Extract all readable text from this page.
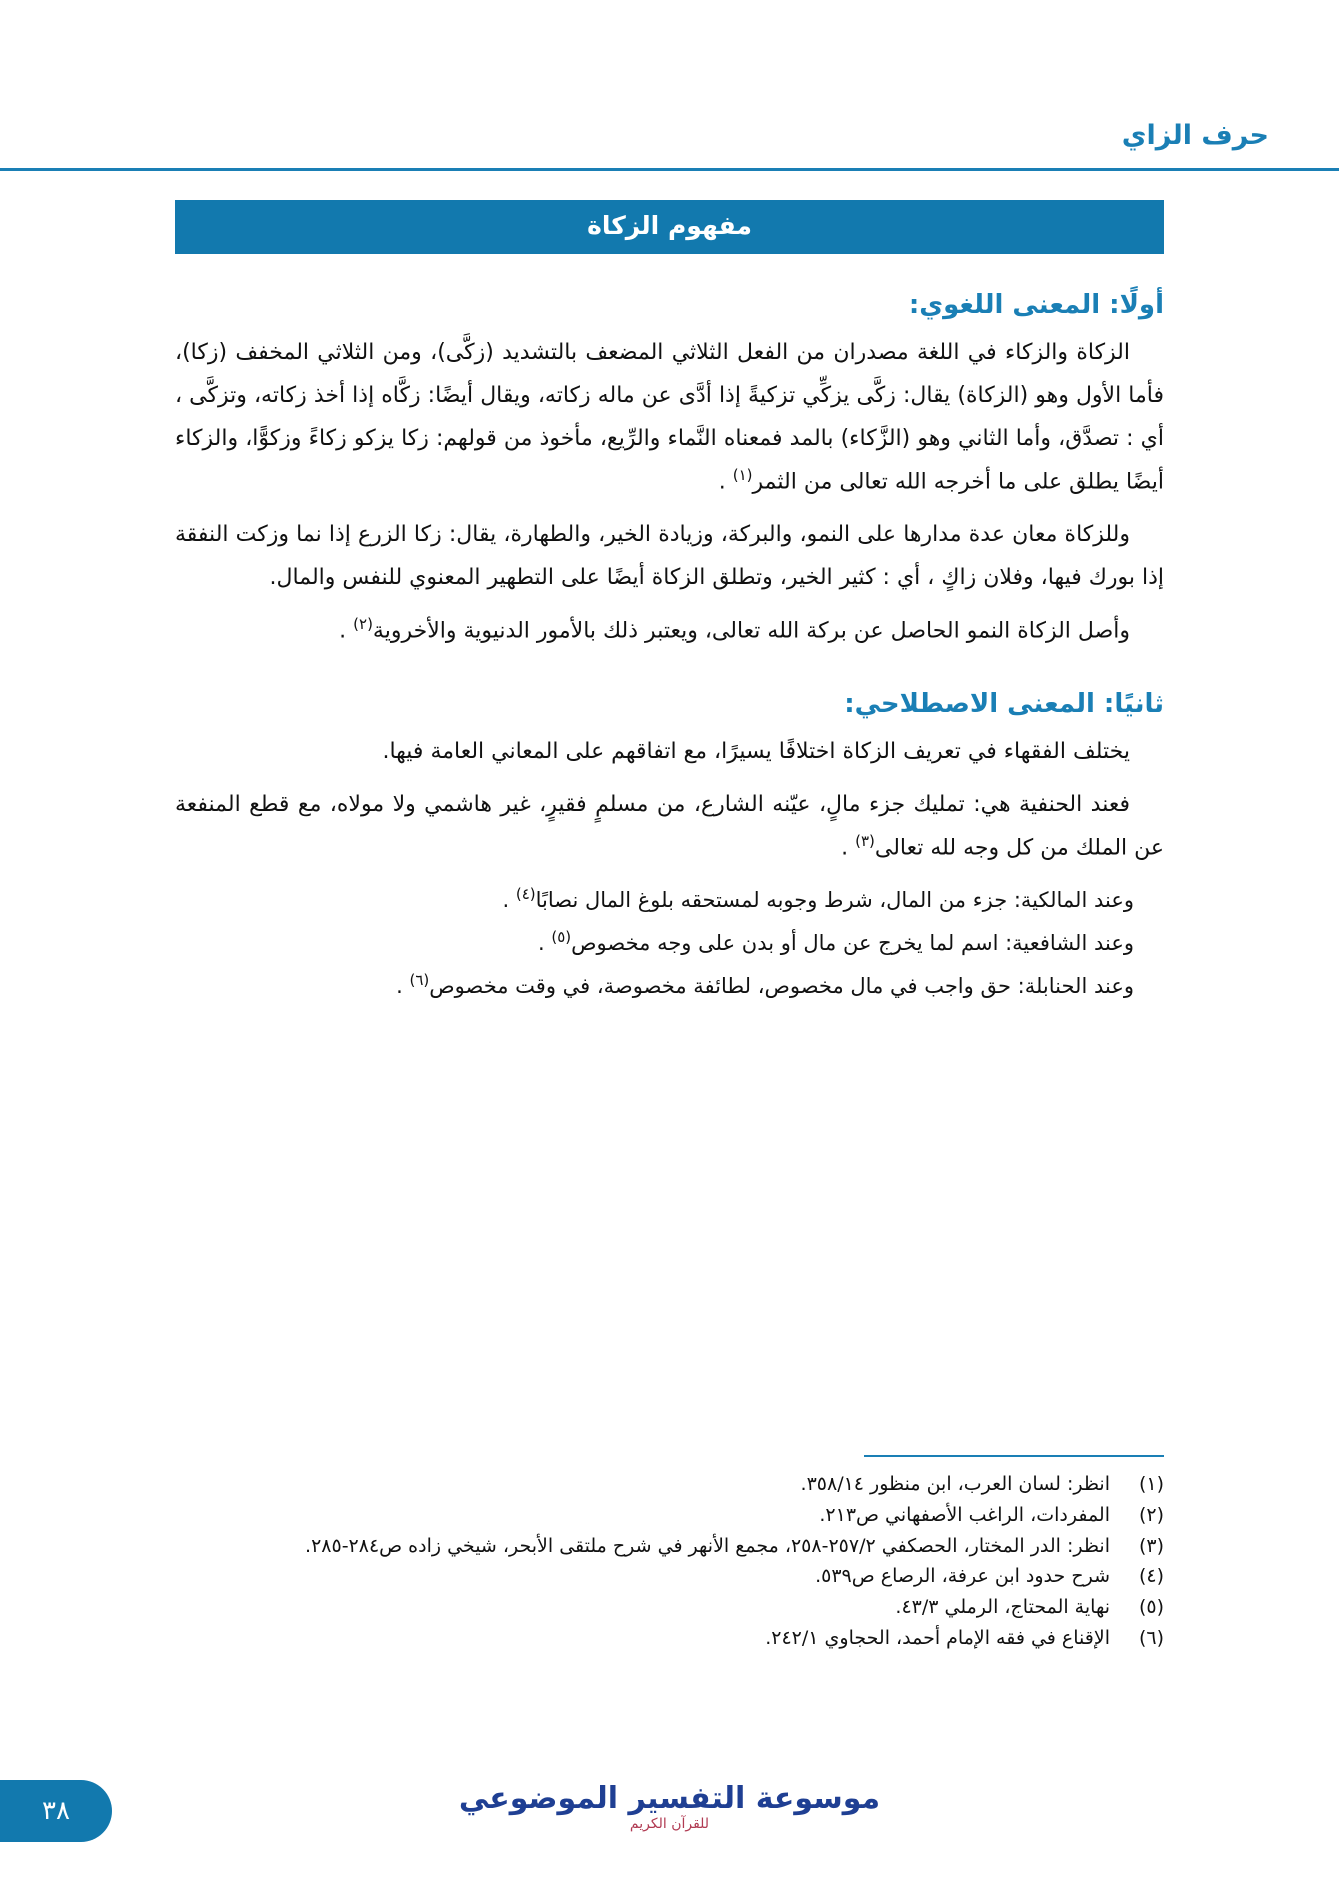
حرف الزاي
مفهوم الزكاة
أولًا: المعنى اللغوي:

الزكاة والزكاء في اللغة مصدران من الفعل الثلاثي المضعف بالتشديد (زكَّى)، ومن الثلاثي المخفف (زكا)، فأما الأول وهو (الزكاة) يقال: زكَّى يزكِّي تزكيةً إذا أدَّى عن ماله زكاته، ويقال أيضًا: زكَّاه إذا أخذ زكاته، وتزكَّى ، أي : تصدَّق، وأما الثاني وهو (الزَّكاء) بالمد فمعناه النَّماء والرِّيع، مأخوذ من قولهم: زكا يزكو زكاءً وزكوًّا، والزكاء أيضًا يطلق على ما أخرجه الله تعالى من الثمر$^{(١)}$ .

وللزكاة معان عدة مدارها على النمو، والبركة، وزيادة الخير، والطهارة، يقال: زكا الزرع إذا نما وزكت النفقة إذا بورك فيها، وفلان زاكٍ ، أي : كثير الخير، وتطلق الزكاة أيضًا على التطهير المعنوي للنفس والمال.

وأصل الزكاة النمو الحاصل عن بركة الله تعالى، ويعتبر ذلك بالأمور الدنيوية والأخروية$^{(٢)}$ .

ثانيًا: المعنى الاصطلاحي:

يختلف الفقهاء في تعريف الزكاة اختلافًا يسيرًا، مع اتفاقهم على المعاني العامة فيها.

فعند الحنفية هي: تمليك جزء مالٍ، عيّنه الشارع، من مسلمٍ فقيرٍ، غير هاشمي ولا مولاه، مع قطع المنفعة عن الملك من كل وجه لله تعالى$^{(٣)}$ .

وعند المالكية: جزء من المال، شرط وجوبه لمستحقه بلوغ المال نصابًا$^{(٤)}$ .

وعند الشافعية: اسم لما يخرج عن مال أو بدن على وجه مخصوص$^{(٥)}$ .

وعند الحنابلة: حق واجب في مال مخصوص، لطائفة مخصوصة، في وقت مخصوص$^{(٦)}$ .

(١)
انظر: لسان العرب، ابن منظور ٣٥٨/١٤.
(٢)
المفردات، الراغب الأصفهاني ص٢١٣.
(٣)
انظر: الدر المختار، الحصكفي ٢٥٧/٢-٢٥٨، مجمع الأنهر في شرح ملتقى الأبحر، شيخي زاده ص٢٨٤-٢٨٥.
(٤)
شرح حدود ابن عرفة، الرصاع ص٥٣٩.
(٥)
نهاية المحتاج، الرملي ٤٣/٣.
(٦)
الإقناع في فقه الإمام أحمد، الحجاوي ٢٤٢/١.
موسوعة التفسير الموضوعي
للقرآن الكريم
٣٨
